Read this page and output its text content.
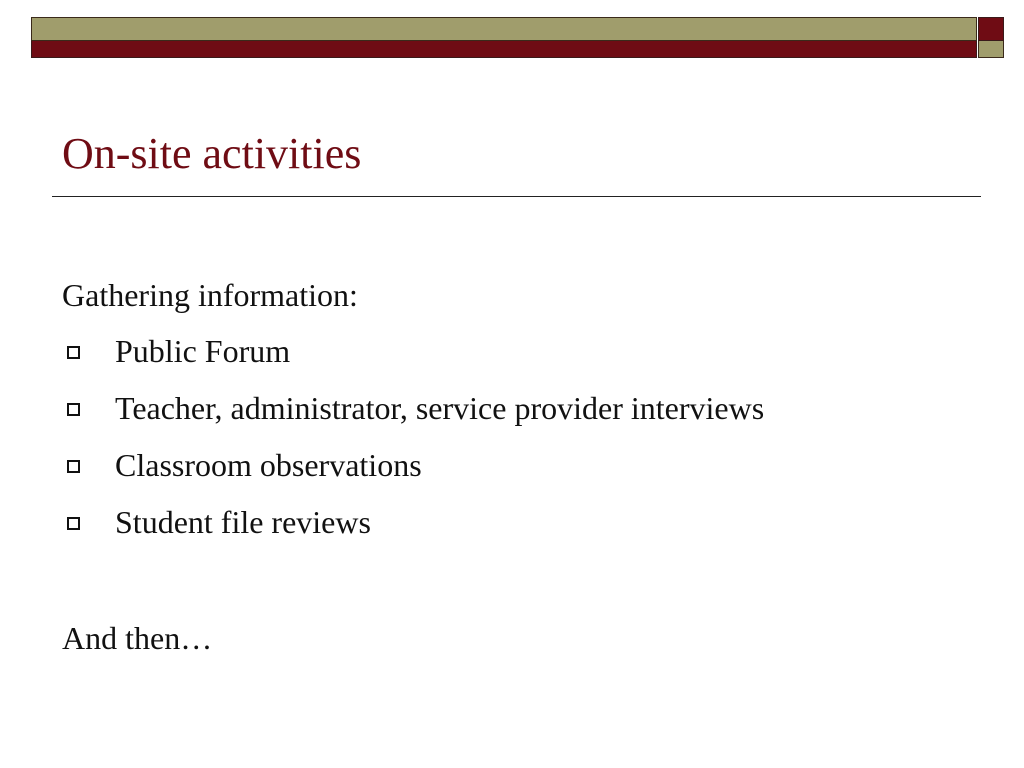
On-site activities
Gathering information:
Public Forum
Teacher, administrator, service provider interviews
Classroom observations
Student file reviews
And then…
